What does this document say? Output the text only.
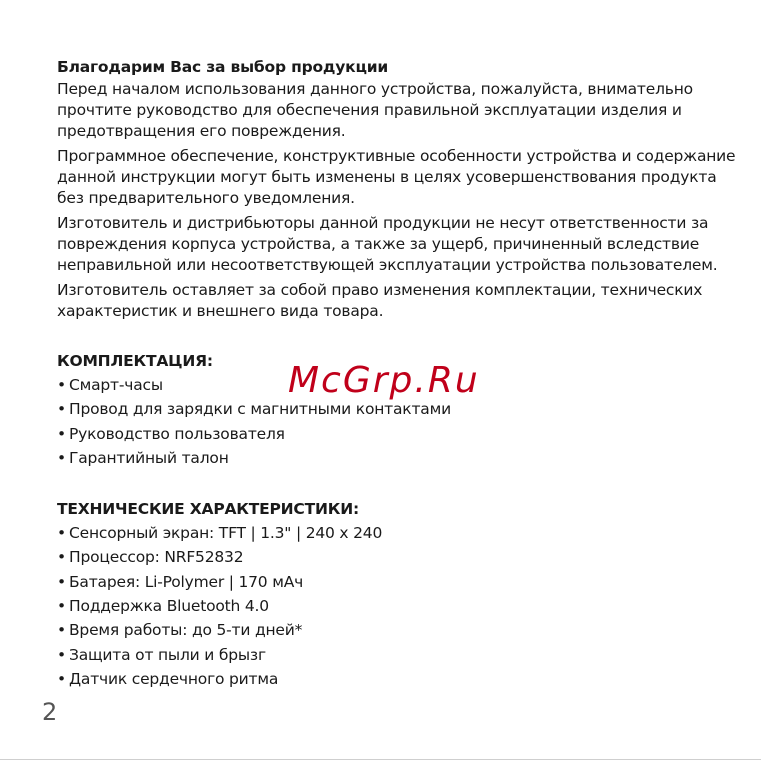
Благодарим Вас за выбор продукции

Перед началом использования данного устройства, пожалуйста, внимательно прочтите руководство для обеспечения правильной эксплуатации изделия и предотвращения его повреждения.

Программное обеспечение, конструктивные особенности устройства и содержание данной инструкции могут быть изменены в целях усовершенствования продукта без предварительного уведомления.

Изготовитель и дистрибьюторы данной продукции не несут ответственности за повреждения корпуса устройства, а также за ущерб, причиненный вследствие неправильной или несоответствующей эксплуатации устройства пользователем.

Изготовитель оставляет за собой право изменения комплектации, технических характеристик и внешнего вида товара.

КОМПЛЕКТАЦИЯ:

• Смарт-часы
• Провод для зарядки с магнитными контактами
• Руководство пользователя
• Гарантийный талон

ТЕХНИЧЕСКИЕ ХАРАКТЕРИСТИКИ:

• Сенсорный экран: TFT | 1.3" | 240 x 240
• Процессор: NRF52832
• Батарея: Li-Polymer | 170 мАч
• Поддержка Bluetooth 4.0
• Время работы: до 5-ти дней*
• Защита от пыли и брызг
• Датчик сердечного ритма
McGrp.Ru
2
